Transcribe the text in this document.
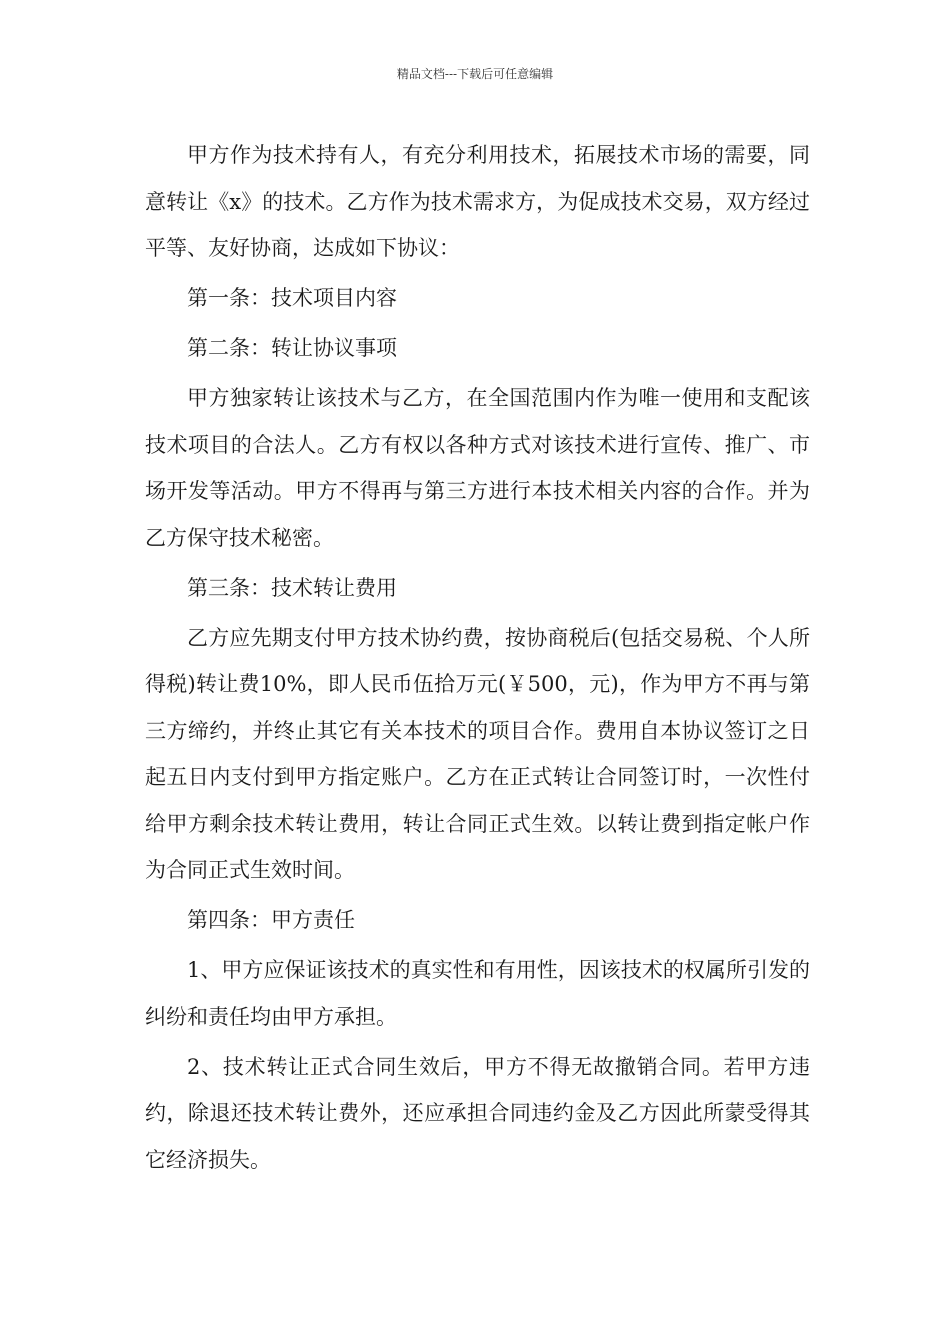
精品文档---下载后可任意编辑

甲方作为技术持有人，有充分利用技术，拓展技术市场的需要，同意转让《x》的技术。乙方作为技术需求方，为促成技术交易，双方经过平等、友好协商，达成如下协议：

第一条：技术项目内容

第二条：转让协议事项

甲方独家转让该技术与乙方，在全国范围内作为唯一使用和支配该技术项目的合法人。乙方有权以各种方式对该技术进行宣传、推广、市场开发等活动。甲方不得再与第三方进行本技术相关内容的合作。并为乙方保守技术秘密。

第三条：技术转让费用

乙方应先期支付甲方技术协约费，按协商税后(包括交易税、个人所得税)转让费10%，即人民币伍拾万元(￥500，元)，作为甲方不再与第三方缔约，并终止其它有关本技术的项目合作。费用自本协议签订之日起五日内支付到甲方指定账户。乙方在正式转让合同签订时，一次性付给甲方剩余技术转让费用，转让合同正式生效。以转让费到指定帐户作为合同正式生效时间。

第四条：甲方责任

1、甲方应保证该技术的真实性和有用性，因该技术的权属所引发的纠纷和责任均由甲方承担。

2、技术转让正式合同生效后，甲方不得无故撤销合同。若甲方违约，除退还技术转让费外，还应承担合同违约金及乙方因此所蒙受得其它经济损失。
